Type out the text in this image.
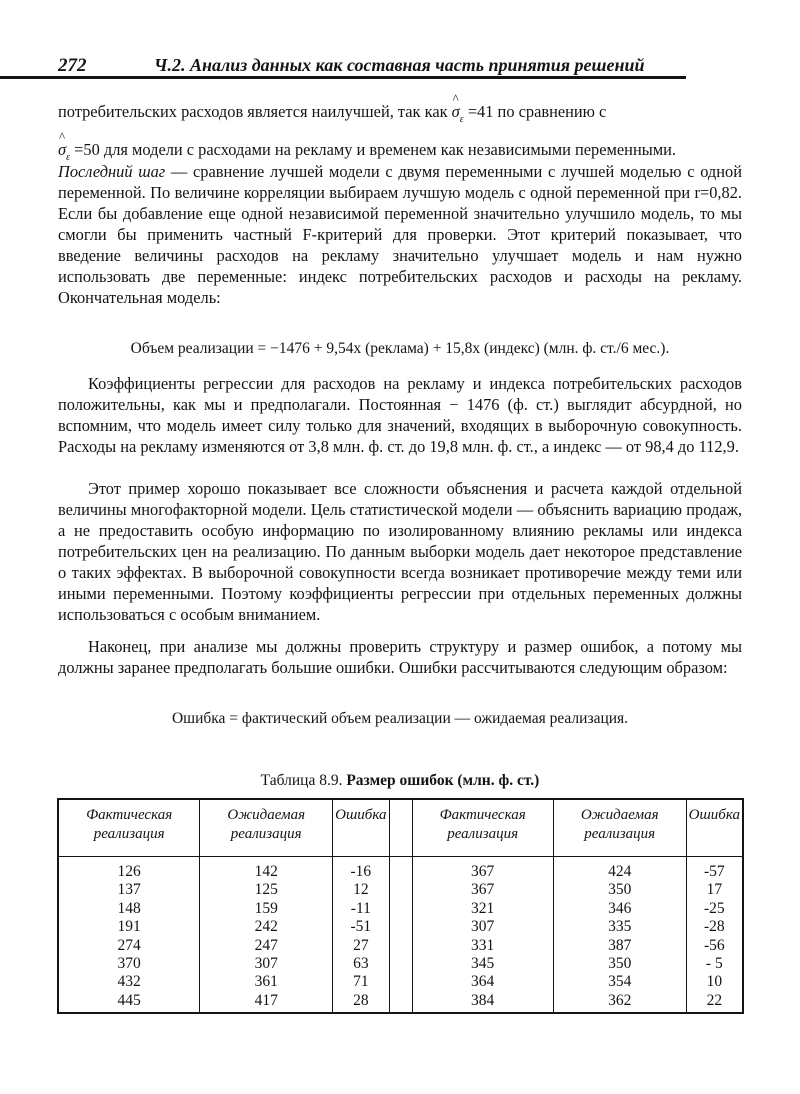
272	Ч.2. Анализ данных как составная часть принятия решений

потребительских расходов является наилучшей, так как
^
$\sigma_\varepsilon =41$ по сравнению с
^
$\sigma_\varepsilon =50$ для модели с расходами на рекламу и временем как независимыми переменными.

Последний шаг — сравнение лучшей модели с двумя переменными с лучшей моделью с одной переменной. По величине корреляции выбираем лучшую модель с одной переменной при r=0,82. Если бы добавление еще одной независимой переменной значительно улучшило модель, то мы смогли бы применить частный F-критерий для проверки. Этот критерий показывает, что введение величины расходов на рекламу значительно улучшает модель и нам нужно использовать две переменные: индекс потребительских расходов и расходы на рекламу. Окончательная модель:

Объем реализации = −1476 + 9,54x (реклама) + 15,8x (индекс) (млн. ф. ст./6 мес.).

Коэффициенты регрессии для расходов на рекламу и индекса потребительских расходов положительны, как мы и предполагали. Постоянная − 1476 (ф. ст.) выглядит абсурдной, но вспомним, что модель имеет силу только для значений, входящих в выборочную совокупность. Расходы на рекламу изменяются от 3,8 млн. ф. ст. до 19,8 млн. ф. ст., а индекс — от 98,4 до 112,9.

Этот пример хорошо показывает все сложности объяснения и расчета каждой отдельной величины многофакторной модели. Цель статистической модели — объяснить вариацию продаж, а не предоставить особую информацию по изолированному влиянию рекламы или индекса потребительских цен на реализацию. По данным выборки модель дает некоторое представление о таких эффектах. В выборочной совокупности всегда возникает противоречие между теми или иными переменными. Поэтому коэффициенты регрессии при отдельных переменных должны использоваться с особым вниманием.

Наконец, при анализе мы должны проверить структуру и размер ошибок, а потому мы должны заранее предполагать большие ошибки. Ошибки рассчитываются следующим образом:

Ошибка = фактический объем реализации — ожидаемая реализация.

Таблица 8.9. Размер ошибок (млн. ф. ст.)
Фактическая реализация	Ожидаемая реализация	Ошибка		Фактическая реализация	Ожидаемая реализация	Ошибка
126	142	-16		367	424	-57
137	125	12		367	350	17
148	159	-11		321	346	-25
191	242	-51		307	335	-28
274	247	27		331	387	-56
370	307	63		345	350	- 5
432	361	71		364	354	10
445	417	28		384	362	22
